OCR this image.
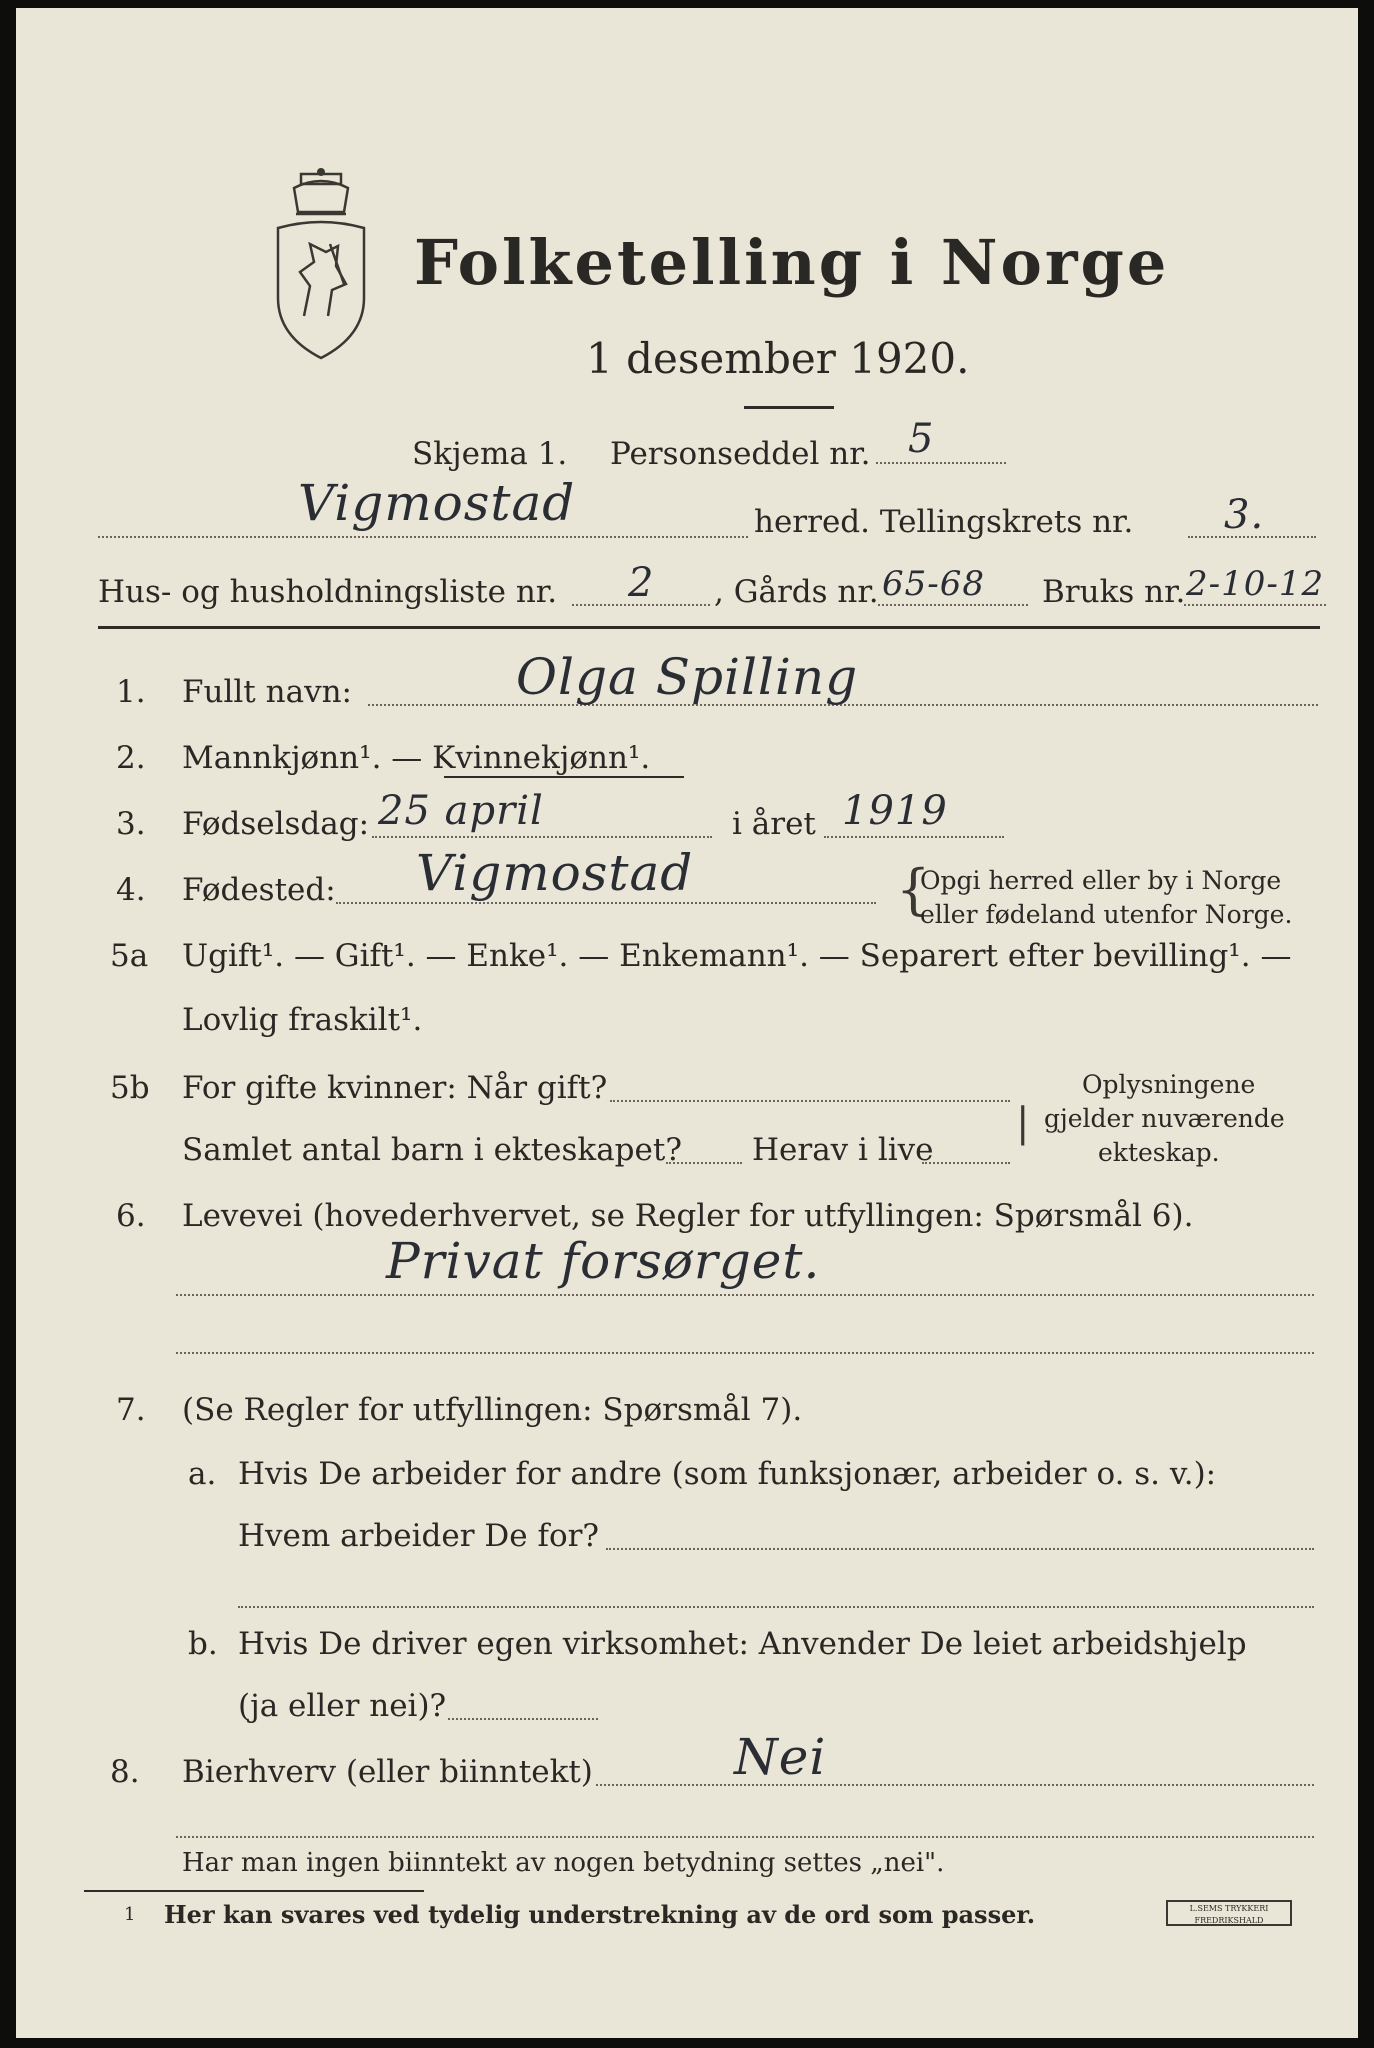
Folketelling i Norge
1 desember 1920.
Skjema 1. Personseddel nr. 5
Vigmostad	herred. Tellingskrets nr. 3.
Hus- og husholdningsliste nr. 2 , Gårds nr. 65-68 Bruks nr. 2-10-12
1. Fullt navn:	Olga Spilling
2. Mannkjønn¹. — Kvinnekjønn¹.
3. Fødselsdag: 25 april	i året 1919
4. Fødested: Vigmostad	{
Opgi herred eller by i Norge
eller fødeland utenfor Norge.
5a Ugift¹. — Gift¹. — Enke¹. — Enkemann¹. — Separert efter bevilling¹. —
Lovlig fraskilt¹.
5b For gifte kvinner: Når gift?
Samlet antal barn i ekteskapet? Herav i live
|
Oplysningene
gjelder nuværende
ekteskap.
6. Levevei (hovederhvervet, se Regler for utfyllingen: Spørsmål 6).
Privat forsørget.
7. (Se Regler for utfyllingen: Spørsmål 7).
a. Hvis De arbeider for andre (som funksjonær, arbeider o. s. v.):
Hvem arbeider De for?
b. Hvis De driver egen virksomhet: Anvender De leiet arbeidshjelp
(ja eller nei)?
8. Bierhverv (eller biinntekt)	Nei
Har man ingen biinntekt av nogen betydning settes „nei".
1 Her kan svares ved tydelig understrekning av de ord som passer.	L.SEMS TRYKKERI FREDRIKSHALD
